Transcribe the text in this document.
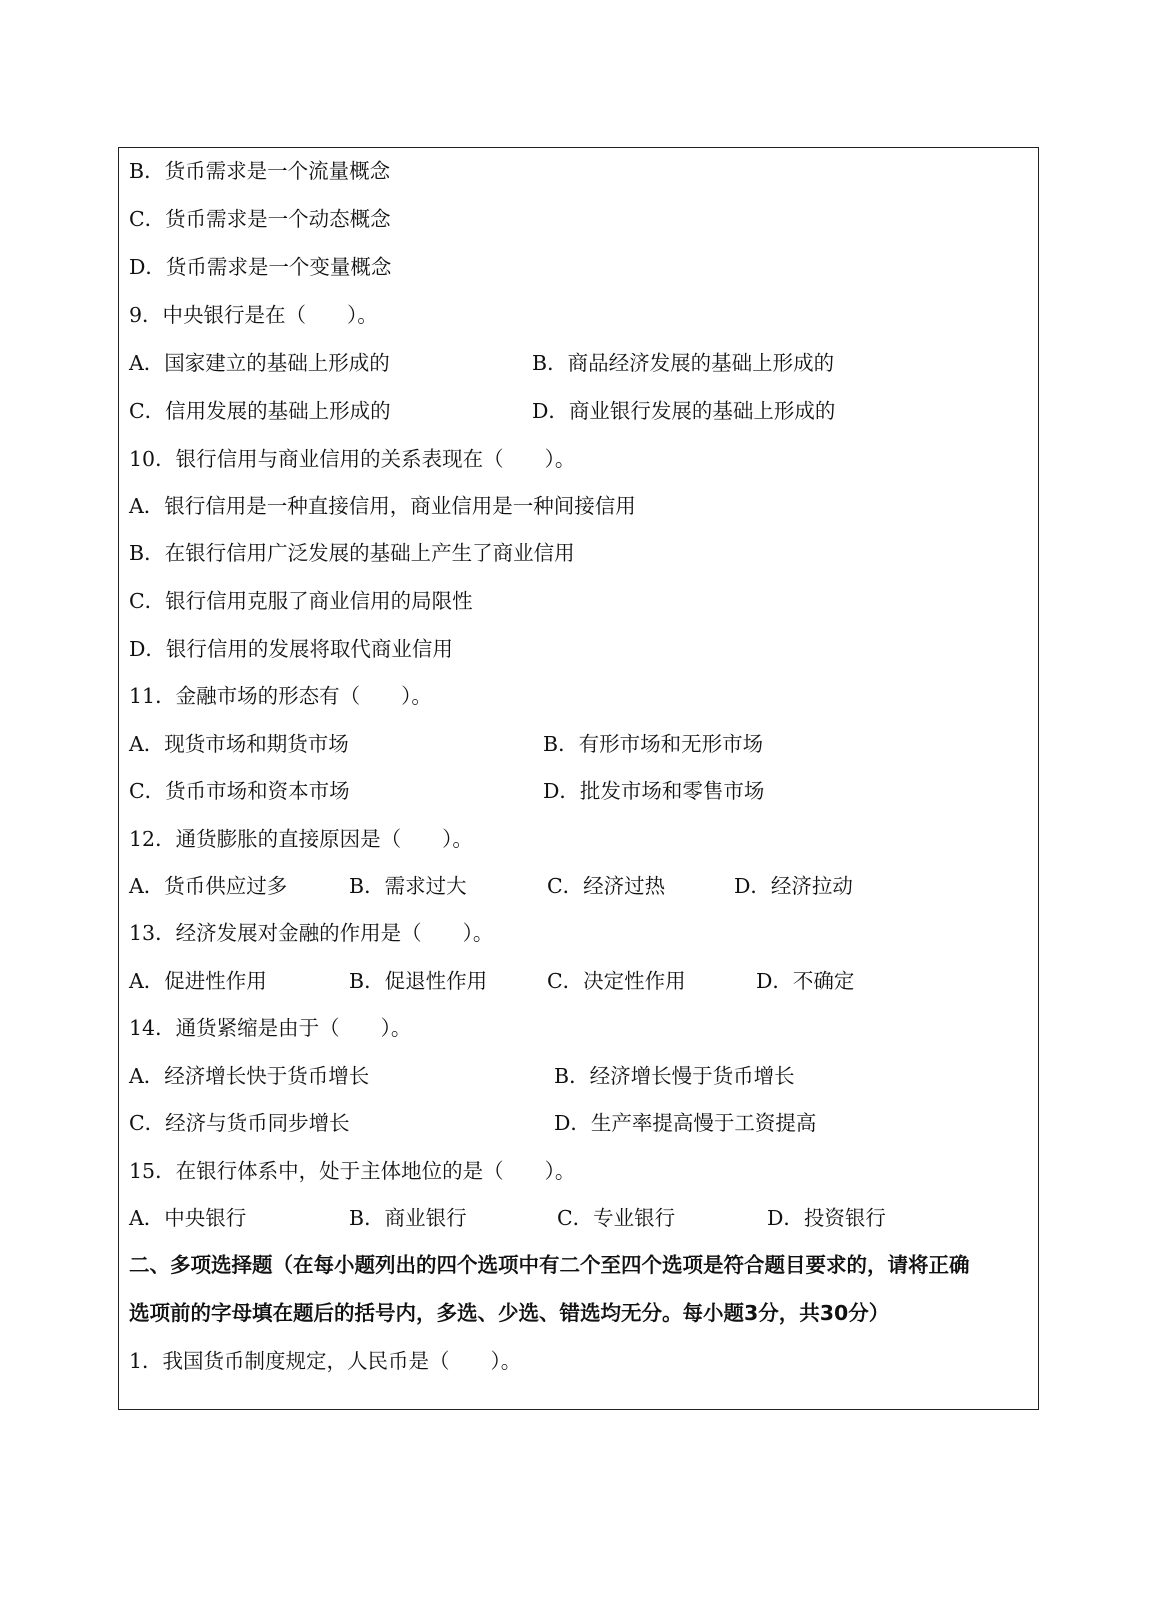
B．货币需求是一个流量概念
C．货币需求是一个动态概念
D．货币需求是一个变量概念
9．中央银行是在（　　）。
A．国家建立的基础上形成的	B．商品经济发展的基础上形成的
C．信用发展的基础上形成的	D．商业银行发展的基础上形成的
10．银行信用与商业信用的关系表现在（　　）。
A．银行信用是一种直接信用，商业信用是一种间接信用
B．在银行信用广泛发展的基础上产生了商业信用
C．银行信用克服了商业信用的局限性
D．银行信用的发展将取代商业信用
11．金融市场的形态有（　　）。
A．现货市场和期货市场	B．有形市场和无形市场
C．货币市场和资本市场	D．批发市场和零售市场
12．通货膨胀的直接原因是（　　）。
A．货币供应过多	B．需求过大	C．经济过热	D．经济拉动
13．经济发展对金融的作用是（　　）。
A．促进性作用	B．促退性作用	C．决定性作用	D．不确定
14．通货紧缩是由于（　　）。
A．经济增长快于货币增长	B．经济增长慢于货币增长
C．经济与货币同步增长	D．生产率提高慢于工资提高
15．在银行体系中，处于主体地位的是（　　）。
A．中央银行	B．商业银行	C．专业银行	D．投资银行
二、多项选择题（在每小题列出的四个选项中有二个至四个选项是符合题目要求的，请将正确
选项前的字母填在题后的括号内，多选、少选、错选均无分。每小题3分，共30分）
1．我国货币制度规定，人民币是（　　）。
